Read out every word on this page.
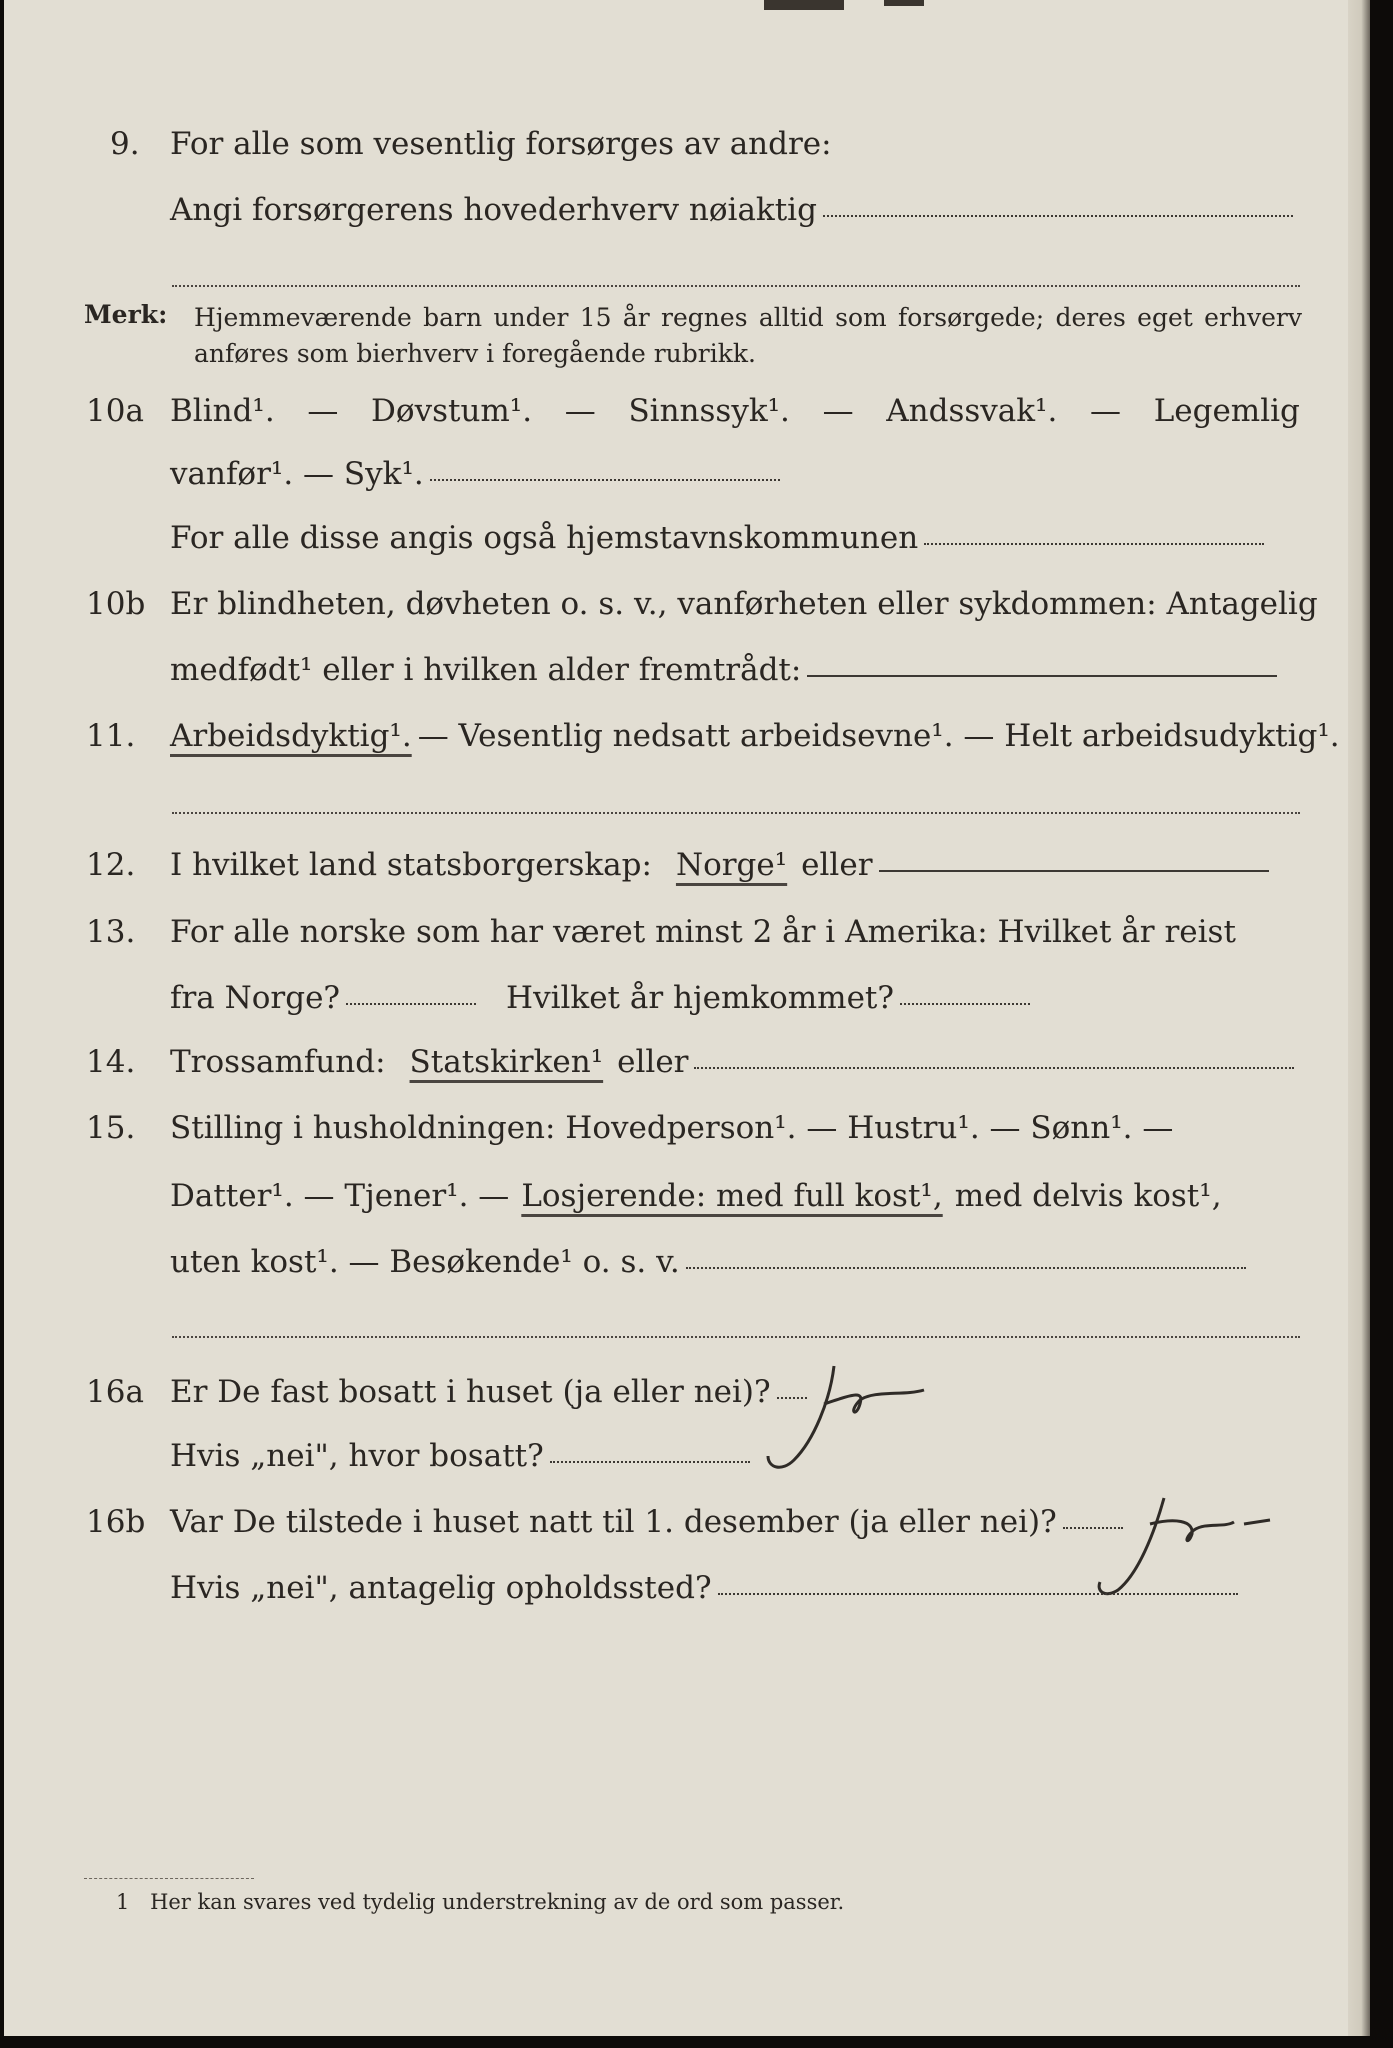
9. For alle som vesentlig forsørges av andre:
Angi forsørgerens hovederhverv nøiaktig
Merk: Hjemmeværende barn under 15 år regnes alltid som forsørgede; deres eget erhverv anføres som bierhverv i foregående rubrikk.
10a Blind¹. — Døvstum¹. — Sinnssyk¹. — Andssvak¹. — Legemlig
vanfør¹. — Syk¹.
For alle disse angis også hjemstavnskommunen
10b Er blindheten, døvheten o. s. v., vanførheten eller sykdommen: Antagelig
medfødt¹ eller i hvilken alder fremtrådt:
11. Arbeidsdyktig¹. — Vesentlig nedsatt arbeidsevne¹. — Helt arbeidsudyktig¹.
12. I hvilket land statsborgerskap: Norge¹ eller
13. For alle norske som har været minst 2 år i Amerika: Hvilket år reist
fra Norge?	Hvilket år hjemkommet?
14. Trossamfund: Statskirken¹ eller
15. Stilling i husholdningen: Hovedperson¹. — Hustru¹. — Sønn¹. —
Datter¹. — Tjener¹. — Losjerende: med full kost¹, med delvis kost¹,
uten kost¹. — Besøkende¹ o. s. v.
16a Er De fast bosatt i huset (ja eller nei)?
Ja
Hvis „nei", hvor bosatt?
16b Var De tilstede i huset natt til 1. desember (ja eller nei)?
Ja
Hvis „nei", antagelig opholdssted?
1 Her kan svares ved tydelig understrekning av de ord som passer.
